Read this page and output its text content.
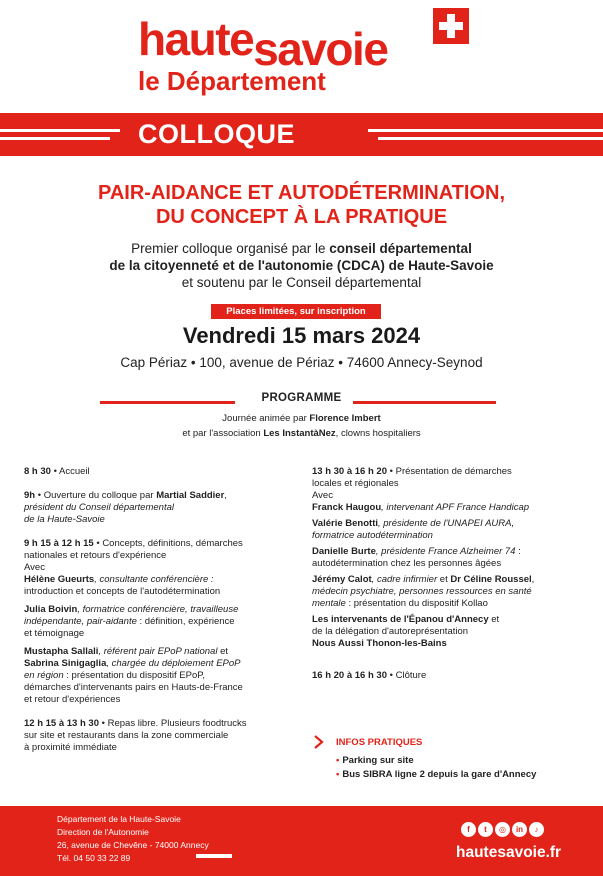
hautesavoie
le Département
COLLOQUE
PAIR-AIDANCE ET AUTODÉTERMINATION,
DU CONCEPT À LA PRATIQUE
Premier colloque organisé par le conseil départemental
de la citoyenneté et de l'autonomie (CDCA) de Haute-Savoie
et soutenu par le Conseil départemental
Places limitées, sur inscription
Vendredi 15 mars 2024
Cap Périaz • 100, avenue de Périaz • 74600 Annecy-Seynod
PROGRAMME
Journée animée par Florence Imbert
et par l'association Les InstantàNez, clowns hospitaliers

8 h 30 • Accueil

9h • Ouverture du colloque par Martial Saddier,

président du Conseil départemental

de la Haute-Savoie

9 h 15 à 12 h 15 • Concepts, définitions, démarches

nationales et retours d'expérience

Avec

Hélène Gueurts, consultante conférencière :

introduction et concepts de l'autodétermination

Julia Boivin, formatrice conférencière, travailleuse

indépendante, pair-aidante : définition, expérience

et témoignage

Mustapha Sallali, référent pair EPoP national et

Sabrina Sinigaglia, chargée du déploiement EPoP

en région : présentation du dispositif EPoP,

démarches d'intervenants pairs en Hauts-de-France

et retour d'expériences

12 h 15 à 13 h 30 • Repas libre. Plusieurs foodtrucks

sur site et restaurants dans la zone commerciale

à proximité immédiate

13 h 30 à 16 h 20 • Présentation de démarches

locales et régionales

Avec

Franck Haugou, intervenant APF France Handicap

Valérie Benotti, présidente de l'UNAPEI AURA,

formatrice autodétermination

Danielle Burte, présidente France Alzheimer 74 :

autodétermination chez les personnes âgées

Jérémy Calot, cadre infirmier et Dr Céline Roussel,

médecin psychiatre, personnes ressources en santé

mentale : présentation du dispositif Kollao

Les intervenants de l'Épanou d'Annecy et

de la délégation d'autoreprésentation

Nous Aussi Thonon-les-Bains

16 h 20 à 16 h 30 • Clôture

INFOS PRATIQUES
• Parking sur site
• Bus SIBRA ligne 2 depuis la gare d'Annecy
Département de la Haute-Savoie
Direction de l'Autonomie
26, avenue de Chevêne - 74000 Annecy
Tél. 04 50 33 22 89
f	t	◎	in	♪
hautesavoie.fr
